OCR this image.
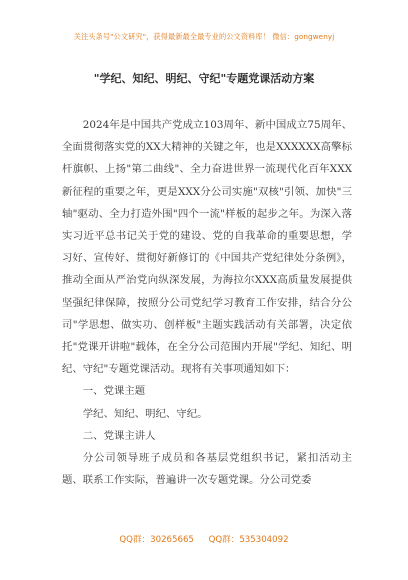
关注头条号"公文研究"，获得最新最全最专业的公文资料库！ 微信：gongwenyj
"学纪、知纪、明纪、守纪"专题党课活动方案

2024年是中国共产党成立103周年、新中国成立75周年、全面贯彻落实党的XX大精神的关键之年，也是XXXXXX高擎标杆旗帜、上扬"第二曲线"、全力奋进世界一流现代化百年XXX新征程的重要之年，更是XXX分公司实施"双核"引领、加快"三轴"驱动、全力打造外围"四个一流"样板的起步之年。为深入落实习近平总书记关于党的建设、党的自我革命的重要思想，学习好、宣传好、贯彻好新修订的《中国共产党纪律处分条例》，推动全面从严治党向纵深发展，为海拉尔XXX高质量发展提供坚强纪律保障，按照分公司党纪学习教育工作安排，结合分公司"学思想、做实功、创样板"主题实践活动有关部署，决定依托"党课开讲啦"载体，在全分公司范围内开展"学纪、知纪、明纪、守纪"专题党课活动。现将有关事项通知如下：

一、党课主题

学纪、知纪、明纪、守纪。

二、党课主讲人

分公司领导班子成员和各基层党组织书记，紧扣活动主题、联系工作实际，普遍讲一次专题党课。分公司党委

QQ群：30265665 QQ群：535304092
